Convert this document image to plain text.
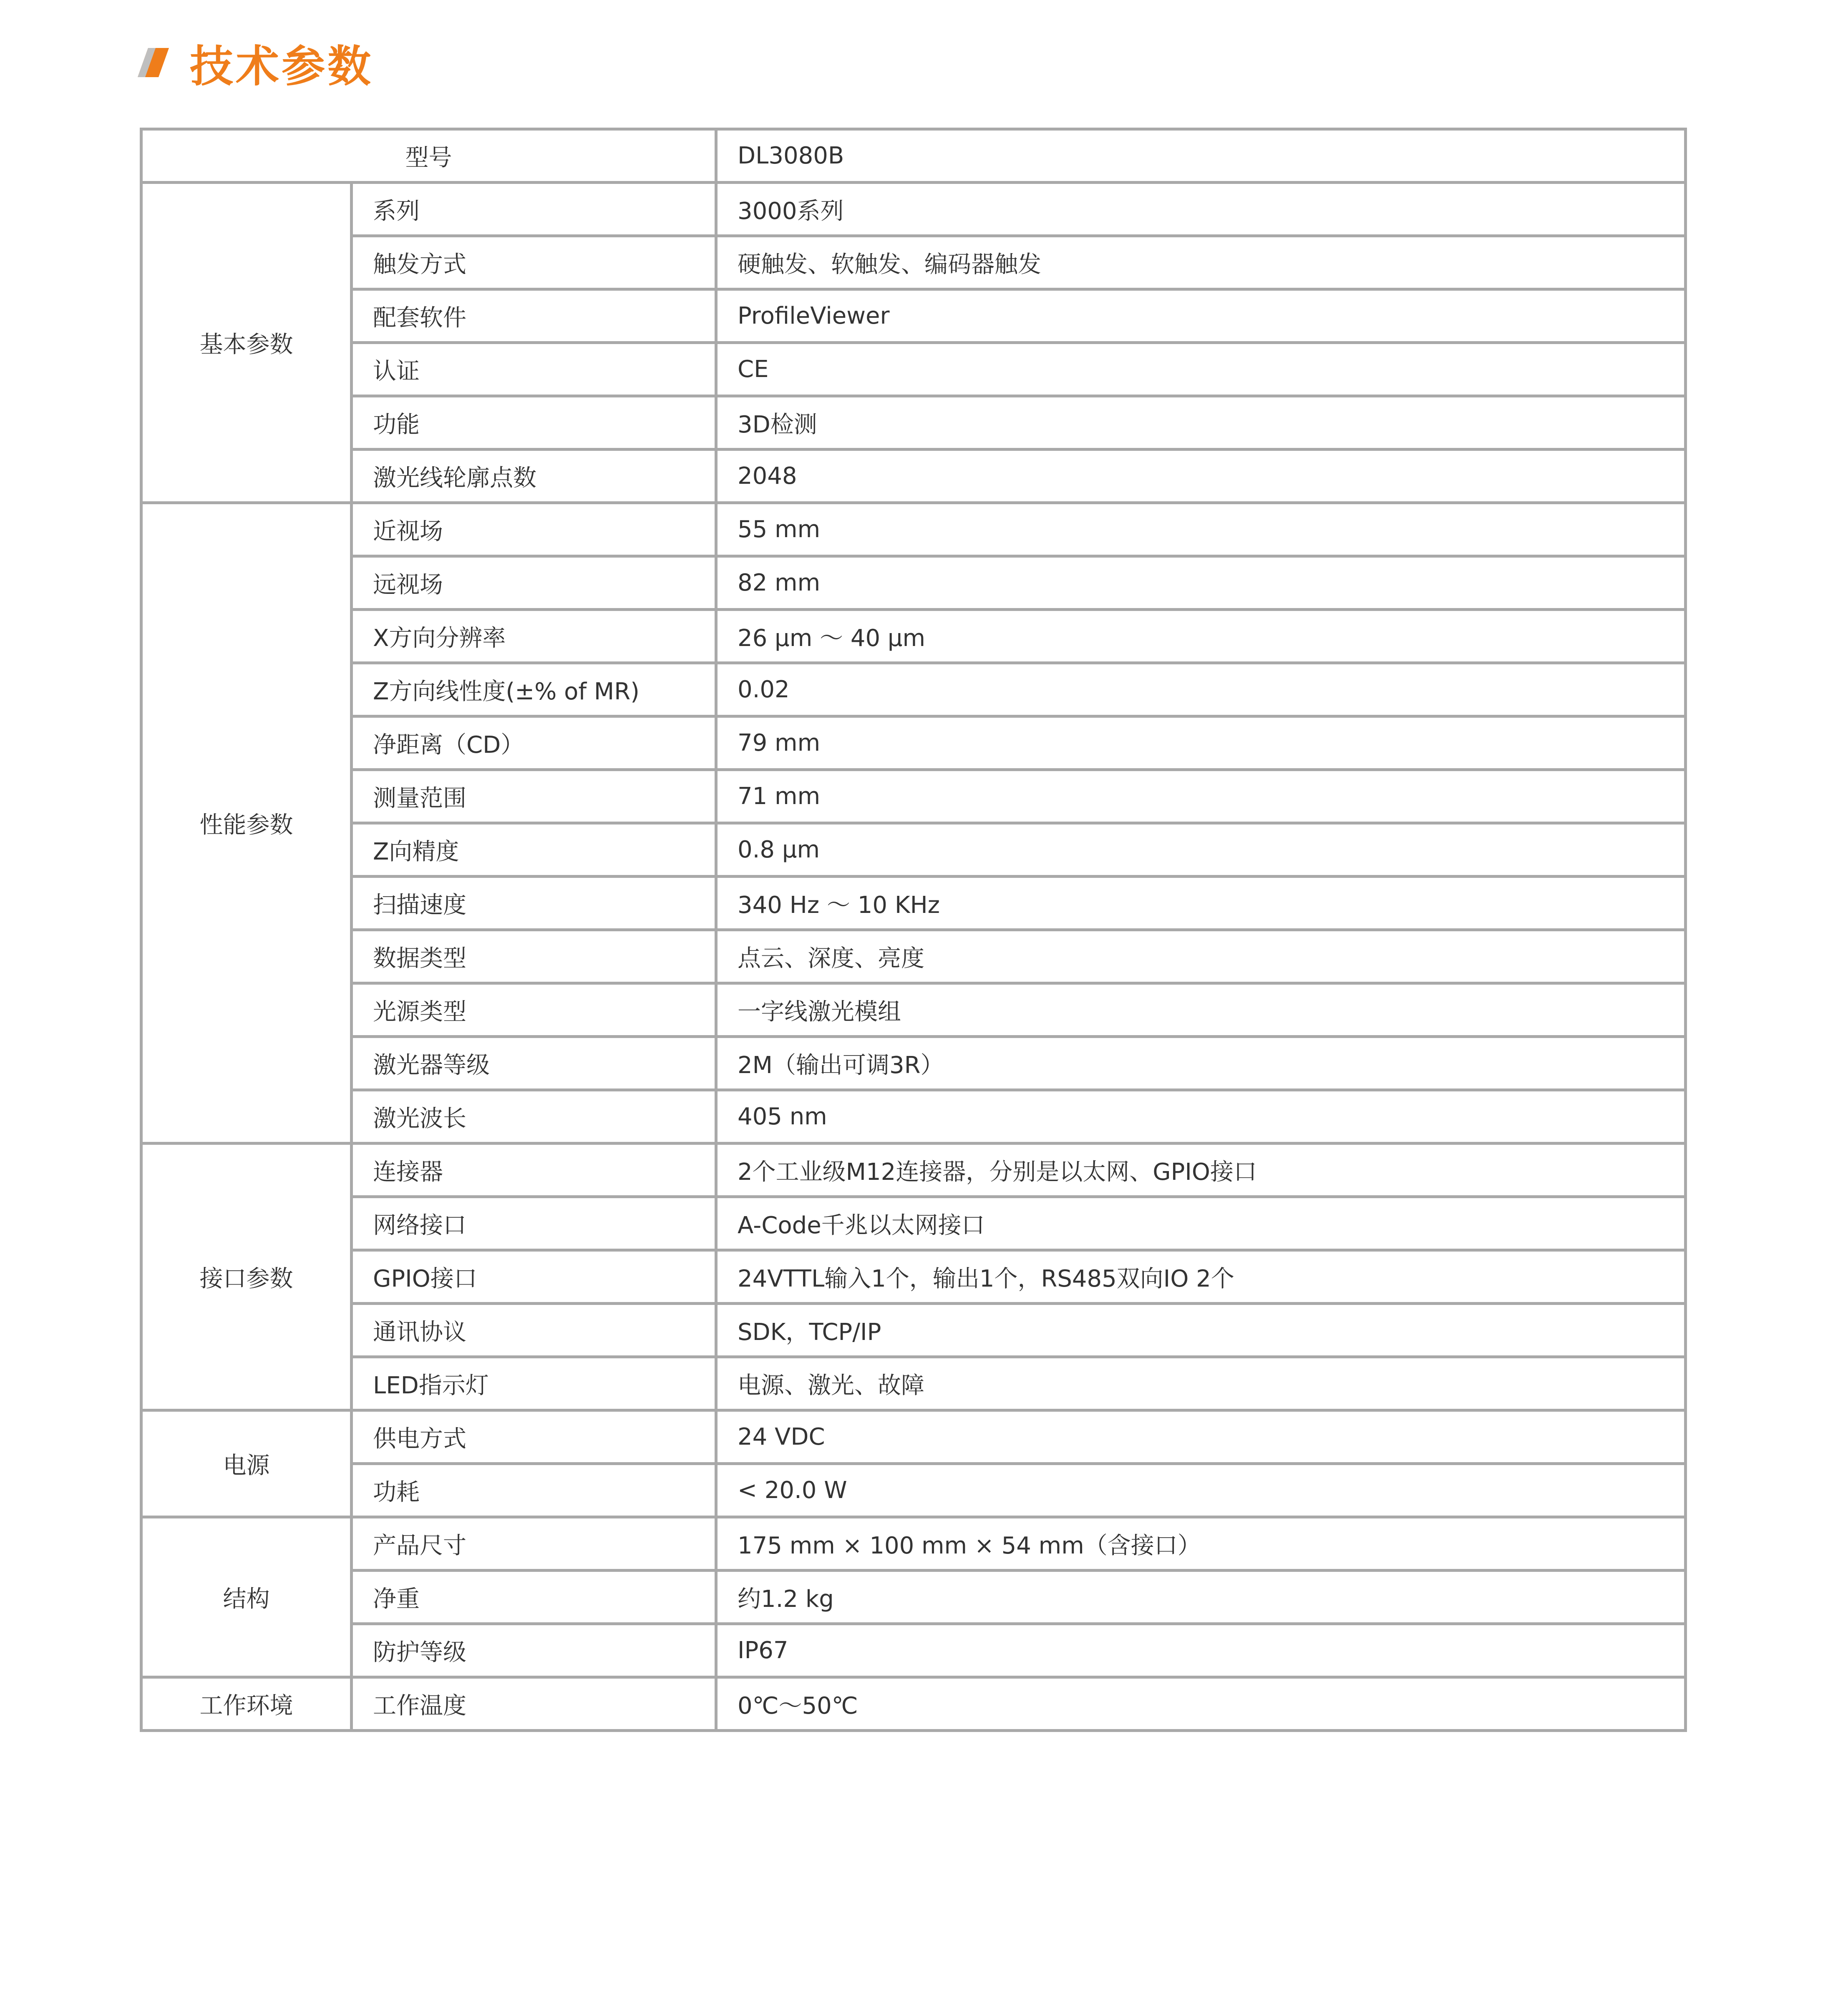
技术参数
型号		DL3080B
基本参数	系列	3000系列
	触发方式	硬触发、软触发、编码器触发
	配套软件	ProfileViewer
	认证	CE
	功能	3D检测
	激光线轮廓点数	2048
性能参数	近视场	55 mm
	远视场	82 mm
	X方向分辨率	26 μm ～ 40 μm
	Z方向线性度(±% of MR)	0.02
	净距离（CD）	79 mm
	测量范围	71 mm
	Z向精度	0.8 μm
	扫描速度	340 Hz ～ 10 KHz
	数据类型	点云、深度、亮度
	光源类型	一字线激光模组
	激光器等级	2M（输出可调3R）
	激光波长	405 nm
接口参数	连接器	2个工业级M12连接器，分别是以太网、GPIO接口
	网络接口	A-Code千兆以太网接口
	GPIO接口	24VTTL输入1个，输出1个，RS485双向IO 2个
	通讯协议	SDK，TCP/IP
	LED指示灯	电源、激光、故障
电源	供电方式	24 VDC
	功耗	< 20.0 W
结构	产品尺寸	175 mm × 100 mm × 54 mm（含接口）
	净重	约1.2 kg
	防护等级	IP67
工作环境	工作温度	0℃～50℃
